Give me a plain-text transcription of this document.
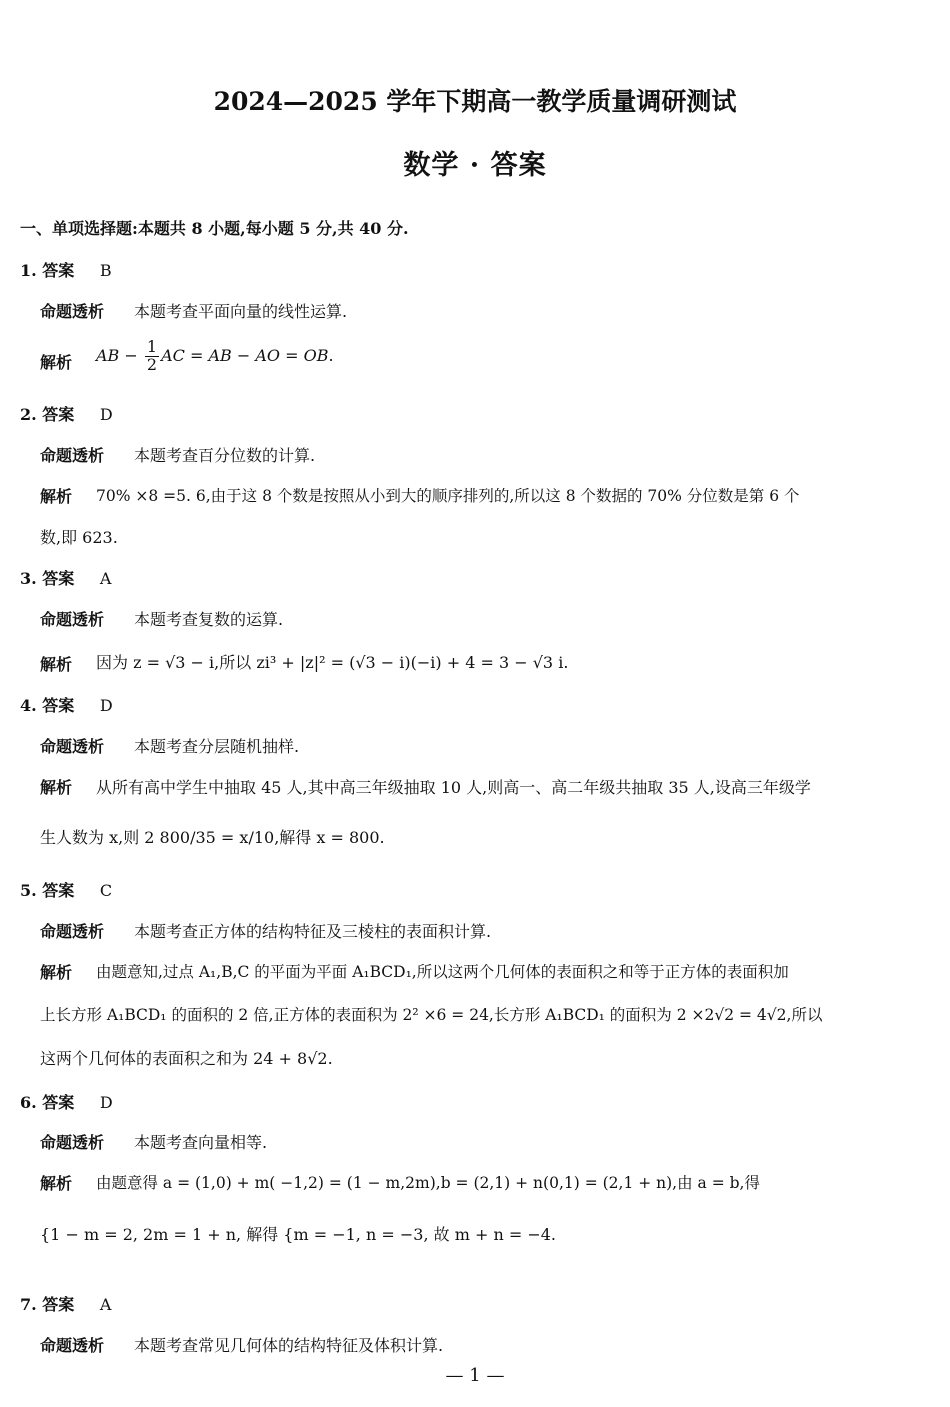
2024—2025 学年下期高一教学质量调研测试
数学 · 答案
一、单项选择题:本题共 8 小题,每小题 5 分,共 40 分.
1. 答案 B
命题透析 本题考查平面向量的线性运算.
解析 AB − $\frac{1}{2}$ AC = AB − AO = OB.
2. 答案 D
命题透析 本题考查百分位数的计算.
解析 70% ×8 =5. 6,由于这 8 个数是按照从小到大的顺序排列的,所以这 8 个数据的 70% 分位数是第 6 个
数,即 623.
3. 答案 A
命题透析 本题考查复数的运算.
解析 因为 z = √3 − i,所以 zi³ + |z|² = (√3 − i)(−i) + 4 = 3 − √3 i.
4. 答案 D
命题透析 本题考查分层随机抽样.
解析 从所有高中学生中抽取 45 人,其中高三年级抽取 10 人,则高一、高二年级共抽取 35 人,设高三年级学
生人数为 x,则 2 800/35 = x/10,解得 x = 800.
5. 答案 C
命题透析 本题考查正方体的结构特征及三棱柱的表面积计算.
解析 由题意知,过点 A₁,B,C 的平面为平面 A₁BCD₁,所以这两个几何体的表面积之和等于正方体的表面积加
上长方形 A₁BCD₁ 的面积的 2 倍,正方体的表面积为 2² ×6 = 24,长方形 A₁BCD₁ 的面积为 2 ×2√2 = 4√2,所以
这两个几何体的表面积之和为 24 + 8√2.
6. 答案 D
命题透析 本题考查向量相等.
解析 由题意得 a = (1,0) + m( −1,2) = (1 − m,2m),b = (2,1) + n(0,1) = (2,1 + n),由 a = b,得
{1 − m = 2, 2m = 1 + n, 解得 {m = −1, n = −3, 故 m + n = −4.
7. 答案 A
命题透析 本题考查常见几何体的结构特征及体积计算.
— 1 —
